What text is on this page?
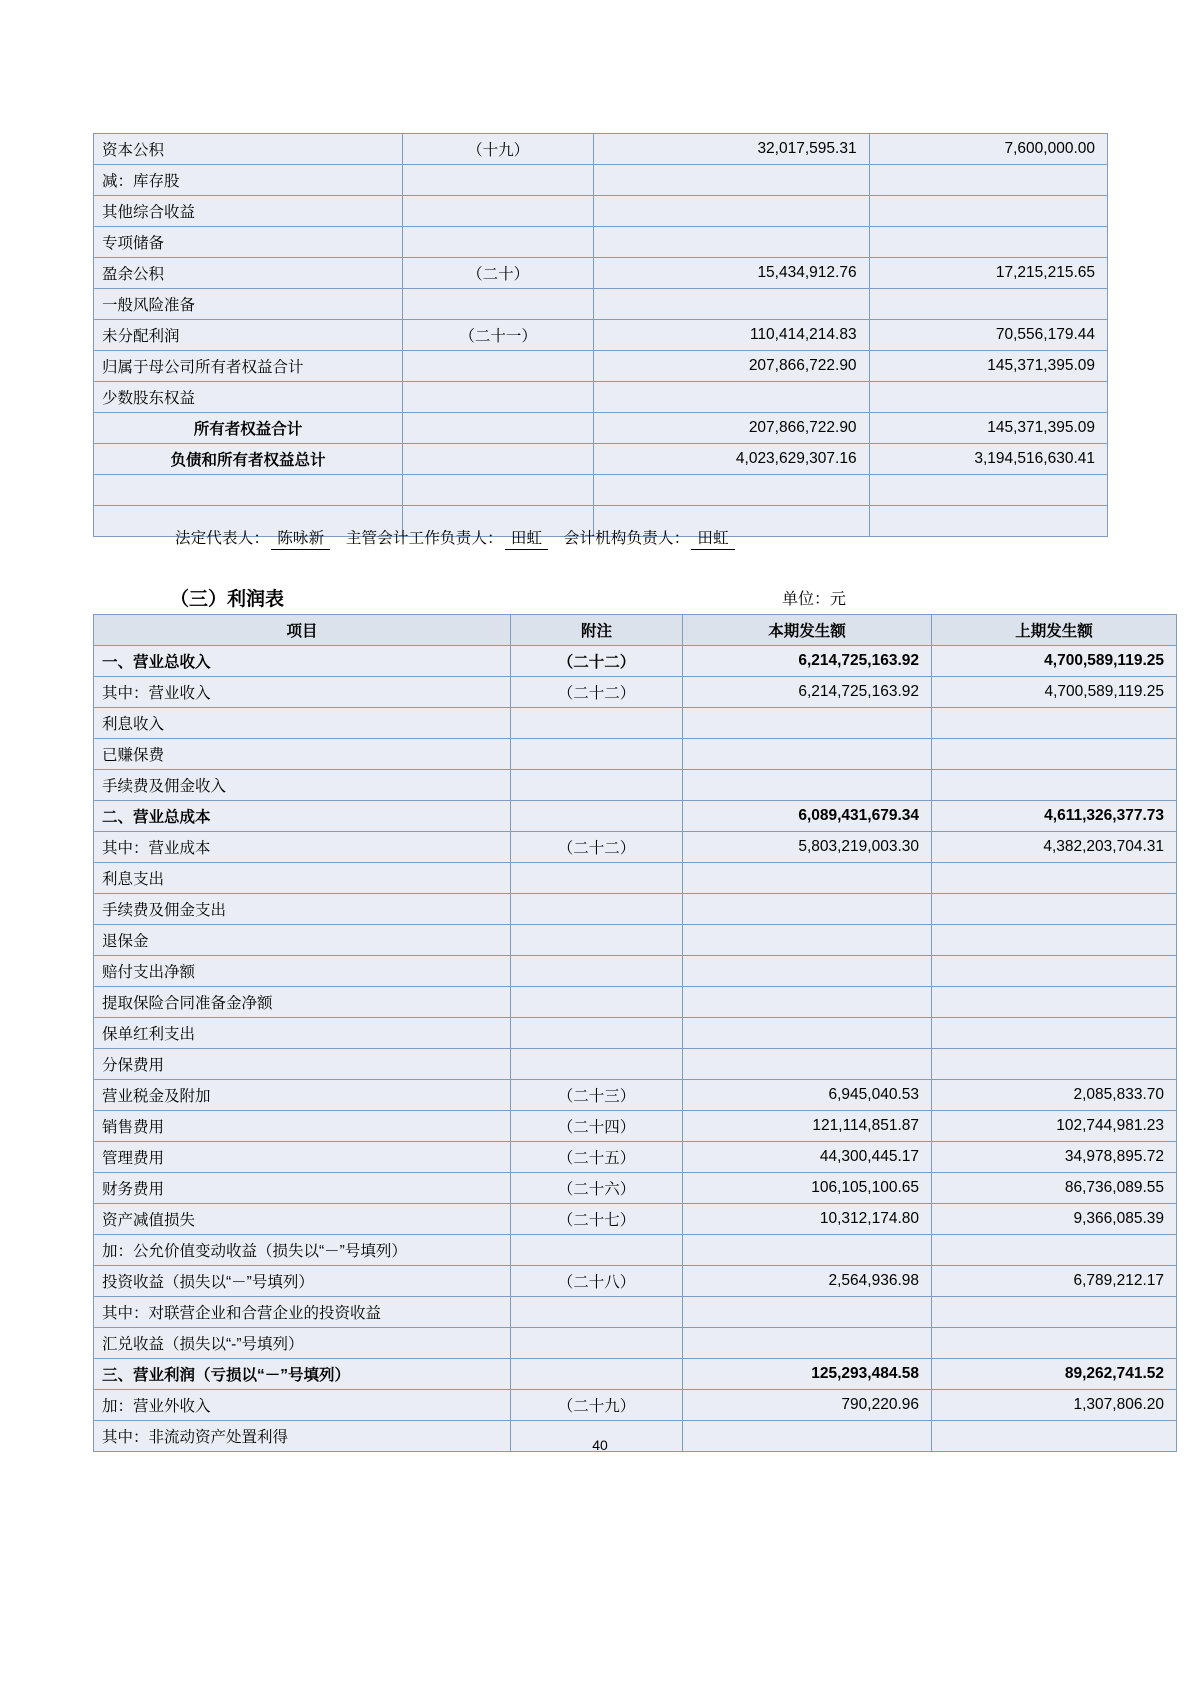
资本公积	（十九）	32,017,595.31	7,600,000.00
减：库存股			
其他综合收益			
专项储备			
盈余公积	（二十）	15,434,912.76	17,215,215.65
一般风险准备			
未分配利润	（二十一）	110,414,214.83	70,556,179.44
归属于母公司所有者权益合计		207,866,722.90	145,371,395.09
少数股东权益			
所有者权益合计		207,866,722.90	145,371,395.09
负债和所有者权益总计		4,023,629,307.16	3,194,516,630.41

法定代表人： 陈咏新 主管会计工作负责人： 田虹 会计机构负责人： 田虹
（三）利润表	单位：元
项目	附注	本期发生额	上期发生额
一、营业总收入	（二十二）	6,214,725,163.92	4,700,589,119.25
其中：营业收入	（二十二）	6,214,725,163.92	4,700,589,119.25
利息收入			
已赚保费			
手续费及佣金收入			
二、营业总成本		6,089,431,679.34	4,611,326,377.73
其中：营业成本	（二十二）	5,803,219,003.30	4,382,203,704.31
利息支出			
手续费及佣金支出			
退保金			
赔付支出净额			
提取保险合同准备金净额			
保单红利支出			
分保费用			
营业税金及附加	（二十三）	6,945,040.53	2,085,833.70
销售费用	（二十四）	121,114,851.87	102,744,981.23
管理费用	（二十五）	44,300,445.17	34,978,895.72
财务费用	（二十六）	106,105,100.65	86,736,089.55
资产减值损失	（二十七）	10,312,174.80	9,366,085.39
加：公允价值变动收益（损失以“－”号填列）			
投资收益（损失以“－”号填列）	（二十八）	2,564,936.98	6,789,212.17
其中：对联营企业和合营企业的投资收益			
汇兑收益（损失以“-”号填列）			
三、营业利润（亏损以“－”号填列）		125,293,484.58	89,262,741.52
加：营业外收入	（二十九）	790,220.96	1,307,806.20
其中：非流动资产处置利得				40
